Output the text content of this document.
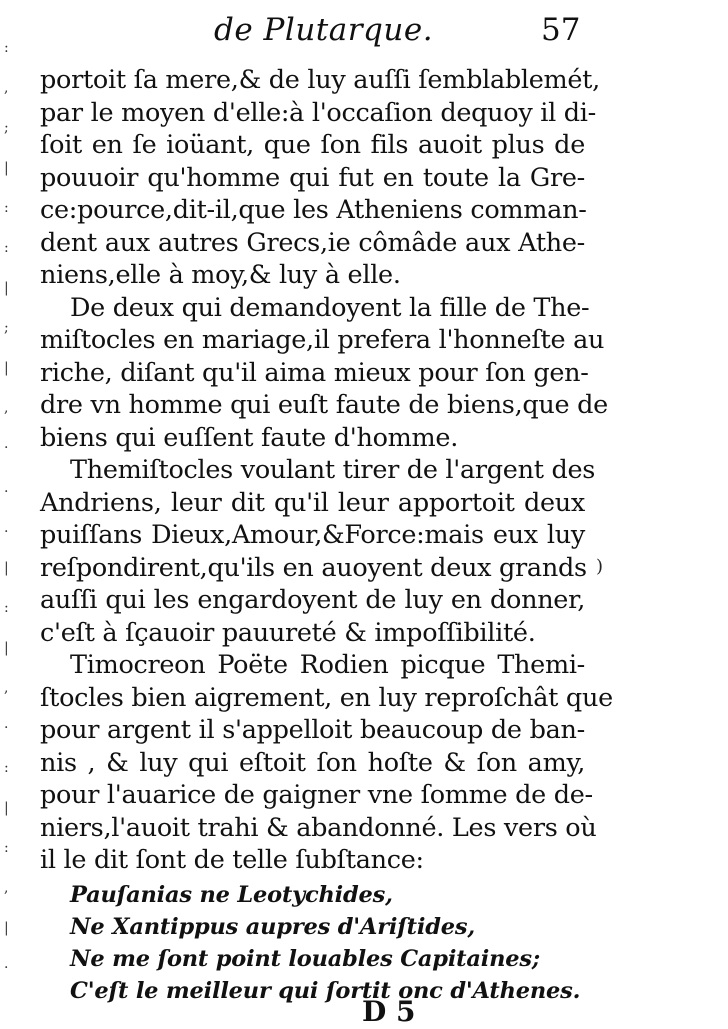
:
,
;
|
:
:
|
;
|
,
·
.
.
|
:
|
,
·
:
|
:
,
|
·
de Plutarque.	57
portoit ſa mere,& de luy auſſi ſemblablemét,
par le moyen d'elle:à l'occaſion dequoy il di-
ſoit en ſe ioüant, que ſon fils auoit plus de
pouuoir qu'homme qui fut en toute la Gre-
ce:pource,dit-il,que les Atheniens comman-
dent aux autres Grecs,ie cômâde aux Athe-
niens,elle à moy,& luy à elle.
De deux qui demandoyent la fille de The-
miſtocles en mariage,il prefera l'honneſte au
riche, diſant qu'il aima mieux pour ſon gen-
dre vn homme qui euſt faute de biens,que de
biens qui euſſent faute d'homme.
Themiſtocles voulant tirer de l'argent des
Andriens, leur dit qu'il leur apportoit deux
puiſſans Dieux,Amour,&Force:mais eux luy
reſpondirent,qu'ils en auoyent deux grands
auſſi qui les engardoyent de luy en donner,
c'eſt à ſçauoir pauureté & impoſſibilité.
Timocreon Poëte Rodien picque Themi-
ſtocles bien aigrement, en luy reproſchât que
pour argent il s'appelloit beaucoup de ban-
nis , & luy qui eſtoit ſon hoſte & ſon amy,
pour l'auarice de gaigner vne ſomme de de-
niers,l'auoit trahi & abandonné. Les vers où
il le dit ſont de telle ſubſtance:
Pauſanias ne Leotychides,
Ne Xantippus aupres d'Ariſtides,
Ne me ſont point louables Capitaines;
C'eſt le meilleur qui ſortit onc d'Athenes.
)
D 5
